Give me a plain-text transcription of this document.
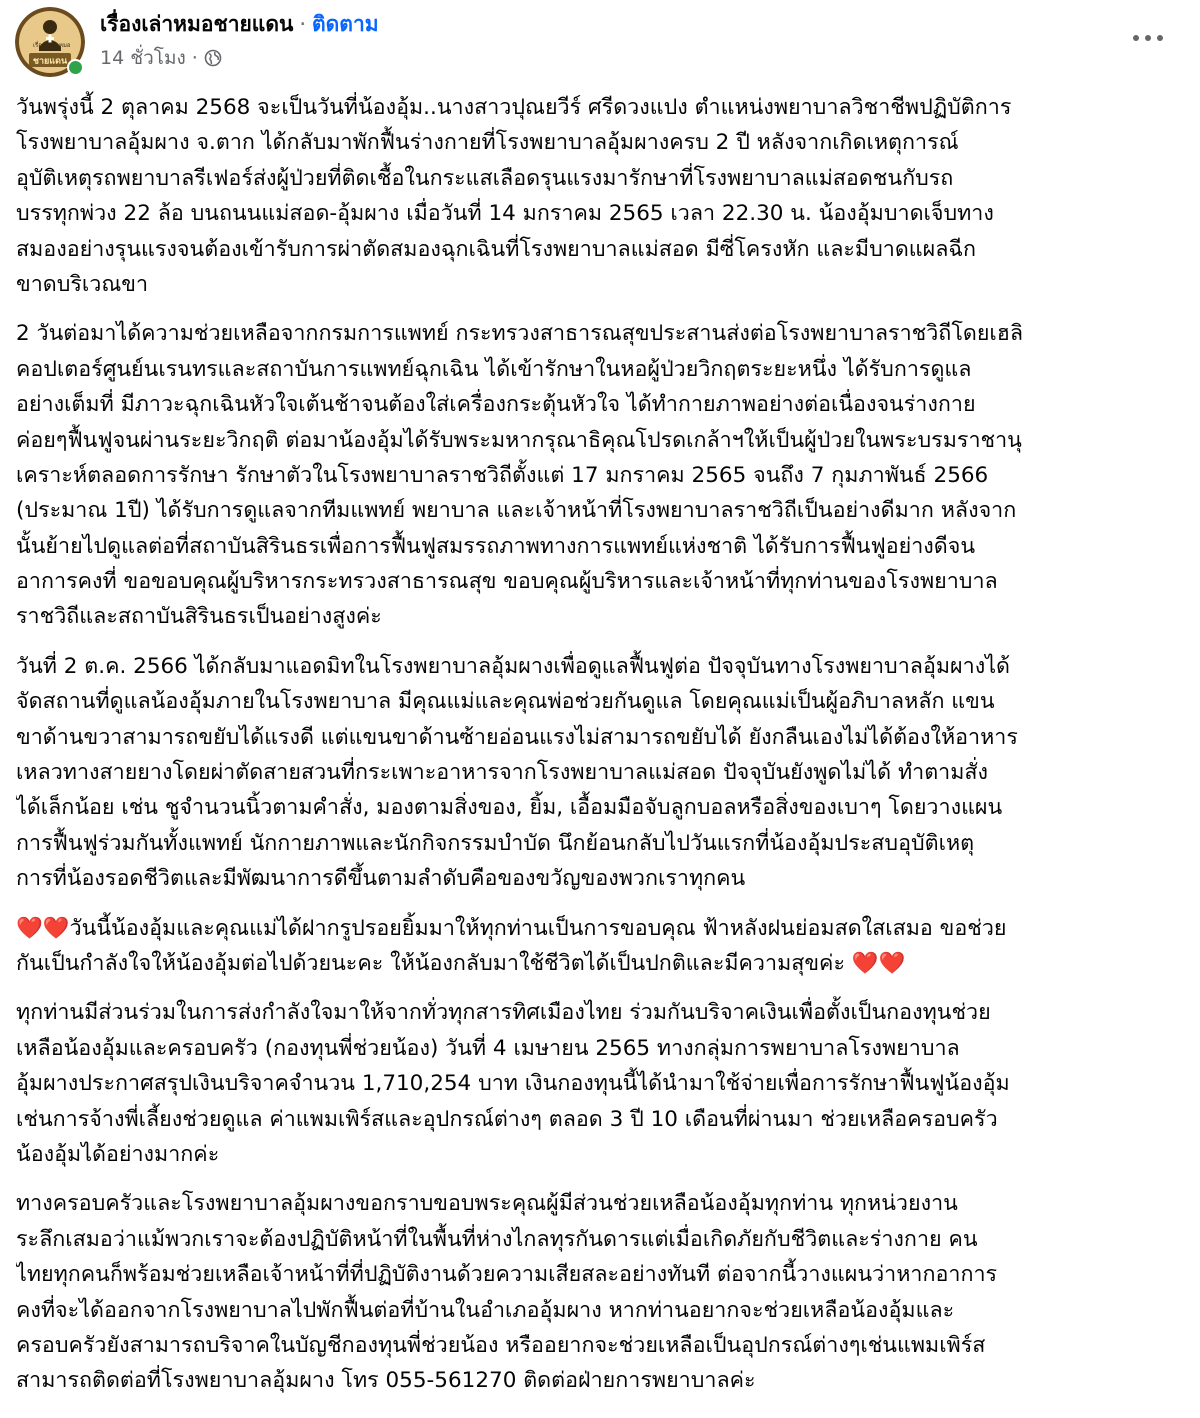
เรื่อง หมอ
ชายแดน
เรื่องเล่าหมอชายแดน · ติดตาม
14 ชั่วโมง ·
วันพรุ่งนี้ 2 ตุลาคม 2568 จะเป็นวันที่น้องอุ้ม..นางสาวปุณยวีร์ ศรีดวงแปง ตำแหน่งพยาบาลวิชาชีพปฏิบัติการ
โรงพยาบาลอุ้มผาง จ.ตาก ได้กลับมาพักฟื้นร่างกายที่โรงพยาบาลอุ้มผางครบ 2 ปี หลังจากเกิดเหตุการณ์
อุบัติเหตุรถพยาบาลรีเฟอร์ส่งผู้ป่วยที่ติดเชื้อในกระแสเลือดรุนแรงมารักษาที่โรงพยาบาลแม่สอดชนกับรถ
บรรทุกพ่วง 22 ล้อ บนถนนแม่สอด-อุ้มผาง เมื่อวันที่ 14 มกราคม 2565 เวลา 22.30 น. น้องอุ้มบาดเจ็บทาง
สมองอย่างรุนแรงจนต้องเข้ารับการผ่าตัดสมองฉุกเฉินที่โรงพยาบาลแม่สอด มีซี่โครงหัก และมีบาดแผลฉีก
ขาดบริเวณขา
2 วันต่อมาได้ความช่วยเหลือจากกรมการแพทย์ กระทรวงสาธารณสุขประสานส่งต่อโรงพยาบาลราชวิถีโดยเฮลิ
คอปเตอร์ศูนย์นเรนทรและสถาบันการแพทย์ฉุกเฉิน ได้เข้ารักษาในหอผู้ป่วยวิกฤตระยะหนึ่ง ได้รับการดูแล
อย่างเต็มที่ มีภาวะฉุกเฉินหัวใจเต้นช้าจนต้องใส่เครื่องกระตุ้นหัวใจ ได้ทำกายภาพอย่างต่อเนื่องจนร่างกาย
ค่อยๆฟื้นฟูจนผ่านระยะวิกฤติ ต่อมาน้องอุ้มได้รับพระมหากรุณาธิคุณโปรดเกล้าฯให้เป็นผู้ป่วยในพระบรมราชานุ
เคราะห์ตลอดการรักษา รักษาตัวในโรงพยาบาลราชวิถีตั้งแต่ 17 มกราคม 2565 จนถึง 7 กุมภาพันธ์ 2566
(ประมาณ 1ปี) ได้รับการดูแลจากทีมแพทย์ พยาบาล และเจ้าหน้าที่โรงพยาบาลราชวิถีเป็นอย่างดีมาก หลังจาก
นั้นย้ายไปดูแลต่อที่สถาบันสิรินธรเพื่อการฟื้นฟูสมรรถภาพทางการแพทย์แห่งชาติ ได้รับการฟื้นฟูอย่างดีจน
อาการคงที่ ขอขอบคุณผู้บริหารกระทรวงสาธารณสุข ขอบคุณผู้บริหารและเจ้าหน้าที่ทุกท่านของโรงพยาบาล
ราชวิถีและสถาบันสิรินธรเป็นอย่างสูงค่ะ
วันที่ 2 ต.ค. 2566 ได้กลับมาแอดมิทในโรงพยาบาลอุ้มผางเพื่อดูแลฟื้นฟูต่อ ปัจจุบันทางโรงพยาบาลอุ้มผางได้
จัดสถานที่ดูแลน้องอุ้มภายในโรงพยาบาล มีคุณแม่และคุณพ่อช่วยกันดูแล โดยคุณแม่เป็นผู้อภิบาลหลัก แขน
ขาด้านขวาสามารถขยับได้แรงดี แต่แขนขาด้านซ้ายอ่อนแรงไม่สามารถขยับได้ ยังกลืนเองไม่ได้ต้องให้อาหาร
เหลวทางสายยางโดยผ่าตัดสายสวนที่กระเพาะอาหารจากโรงพยาบาลแม่สอด ปัจจุบันยังพูดไม่ได้ ทำตามสั่ง
ได้เล็กน้อย เช่น ชูจำนวนนิ้วตามคำสั่ง, มองตามสิ่งของ, ยิ้ม, เอื้อมมือจับลูกบอลหรือสิ่งของเบาๆ โดยวางแผน
การฟื้นฟูร่วมกันทั้งแพทย์ นักกายภาพและนักกิจกรรมบำบัด นึกย้อนกลับไปวันแรกที่น้องอุ้มประสบอุบัติเหตุ
การที่น้องรอดชีวิตและมีพัฒนาการดีขึ้นตามลำดับคือของขวัญของพวกเราทุกคน
❤️❤️วันนี้น้องอุ้มและคุณแม่ได้ฝากรูปรอยยิ้มมาให้ทุกท่านเป็นการขอบคุณ ฟ้าหลังฝนย่อมสดใสเสมอ ขอช่วย
กันเป็นกำลังใจให้น้องอุ้มต่อไปด้วยนะคะ ให้น้องกลับมาใช้ชีวิตได้เป็นปกติและมีความสุขค่ะ ❤️❤️
ทุกท่านมีส่วนร่วมในการส่งกำลังใจมาให้จากทั่วทุกสารทิศเมืองไทย ร่วมกันบริจาคเงินเพื่อตั้งเป็นกองทุนช่วย
เหลือน้องอุ้มและครอบครัว (กองทุนพี่ช่วยน้อง) วันที่ 4 เมษายน 2565 ทางกลุ่มการพยาบาลโรงพยาบาล
อุ้มผางประกาศสรุปเงินบริจาคจำนวน 1,710,254 บาท เงินกองทุนนี้ได้นำมาใช้จ่ายเพื่อการรักษาฟื้นฟูน้องอุ้ม
เช่นการจ้างพี่เลี้ยงช่วยดูแล ค่าแพมเพิร์สและอุปกรณ์ต่างๆ ตลอด 3 ปี 10 เดือนที่ผ่านมา ช่วยเหลือครอบครัว
น้องอุ้มได้อย่างมากค่ะ
ทางครอบครัวและโรงพยาบาลอุ้มผางขอกราบขอบพระคุณผู้มีส่วนช่วยเหลือน้องอุ้มทุกท่าน ทุกหน่วยงาน
ระลึกเสมอว่าแม้พวกเราจะต้องปฏิบัติหน้าที่ในพื้นที่ห่างไกลทุรกันดารแต่เมื่อเกิดภัยกับชีวิตและร่างกาย คน
ไทยทุกคนก็พร้อมช่วยเหลือเจ้าหน้าที่ที่ปฏิบัติงานด้วยความเสียสละอย่างทันที ต่อจากนี้วางแผนว่าหากอาการ
คงที่จะได้ออกจากโรงพยาบาลไปพักฟื้นต่อที่บ้านในอำเภออุ้มผาง หากท่านอยากจะช่วยเหลือน้องอุ้มและ
ครอบครัวยังสามารถบริจาคในบัญชีกองทุนพี่ช่วยน้อง หรืออยากจะช่วยเหลือเป็นอุปกรณ์ต่างๆเช่นแพมเพิร์ส
สามารถติดต่อที่โรงพยาบาลอุ้มผาง โทร 055-561270 ติดต่อฝ่ายการพยาบาลค่ะ
